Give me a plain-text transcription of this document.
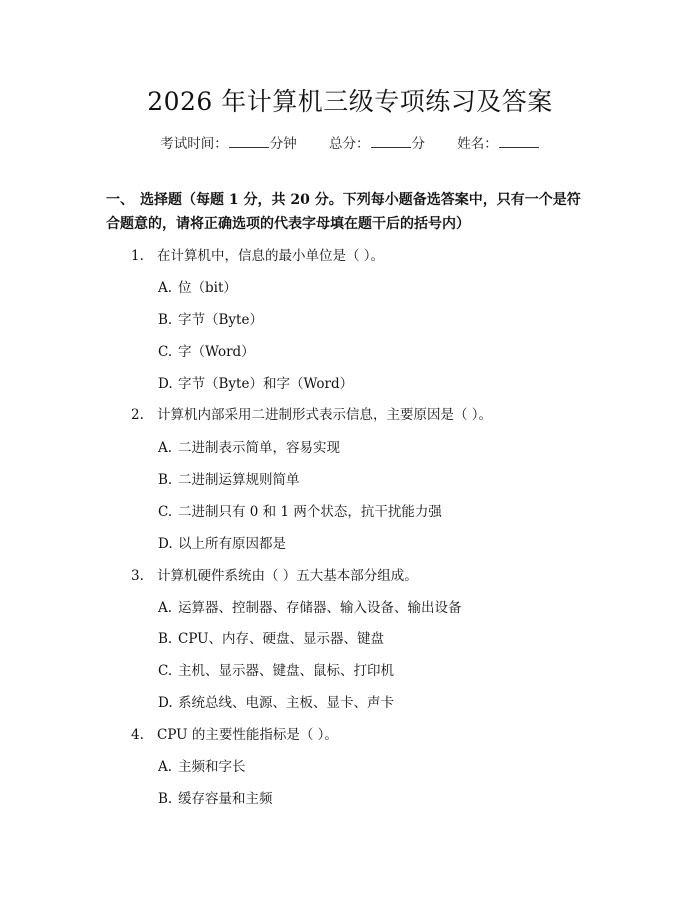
2026 年计算机三级专项练习及答案
考试时间：	分钟 总分：	分 姓名：
一、 选择题（每题 1 分，共 20 分。下列每小题备选答案中，只有一个是符合题意的，请将正确选项的代表字母填在题干后的括号内）
1. 在计算机中，信息的最小单位是（ ）。
A. 位（bit）
B. 字节（Byte）
C. 字（Word）
D. 字节（Byte）和字（Word）
2. 计算机内部采用二进制形式表示信息，主要原因是（ ）。
A. 二进制表示简单，容易实现
B. 二进制运算规则简单
C. 二进制只有 0 和 1 两个状态，抗干扰能力强
D. 以上所有原因都是
3. 计算机硬件系统由（ ）五大基本部分组成。
A. 运算器、控制器、存储器、输入设备、输出设备
B. CPU、内存、硬盘、显示器、键盘
C. 主机、显示器、键盘、鼠标、打印机
D. 系统总线、电源、主板、显卡、声卡
4. CPU 的主要性能指标是（ ）。
A. 主频和字长
B. 缓存容量和主频
